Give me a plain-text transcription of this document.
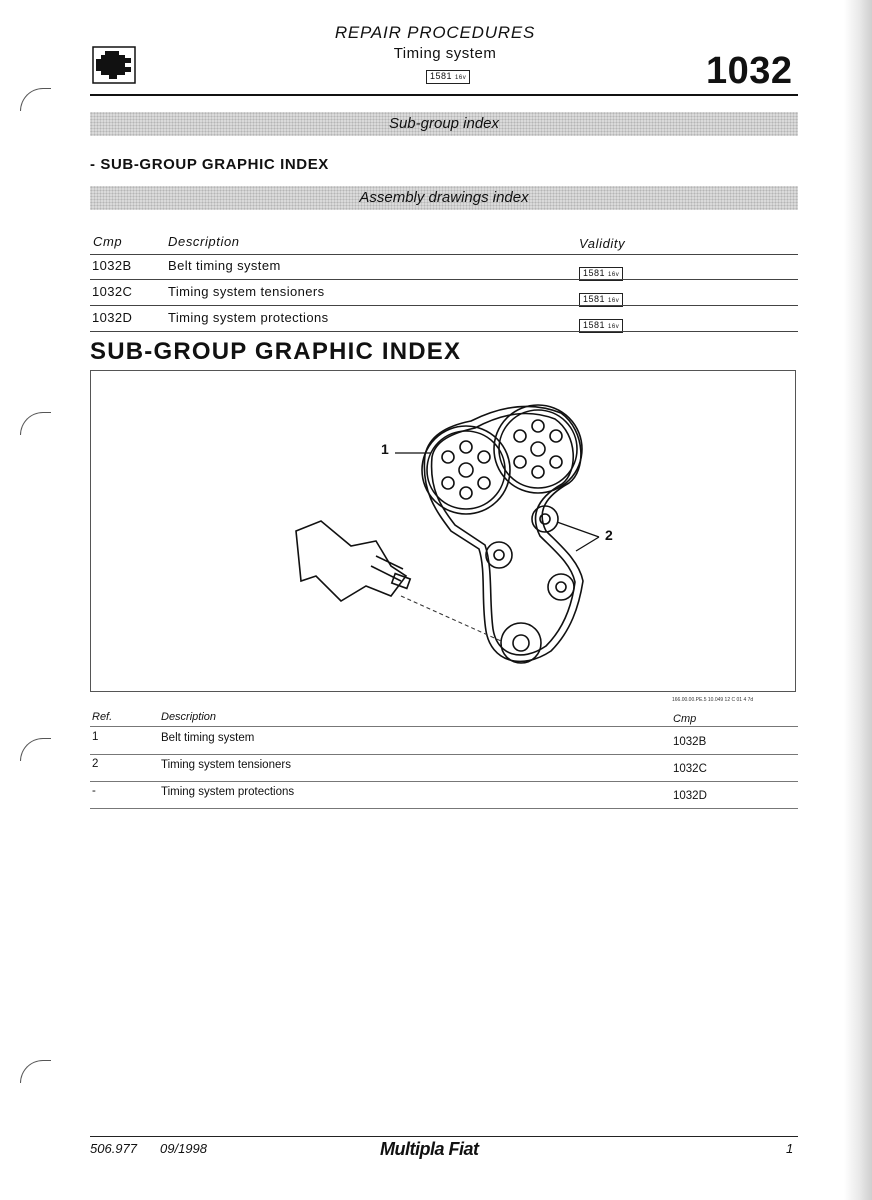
REPAIR PROCEDURES
Timing system
1581 16v	1032
Sub-group index
- SUB-GROUP GRAPHIC INDEX
Assembly drawings index
Cmp	Description	Validity
1032B	Belt timing system	1581 16v
1032C	Timing system tensioners	1581 16v
1032D	Timing system protections	1581 16v
SUB-GROUP GRAPHIC INDEX
1
2
166.00.00.PE.5 10.049 12 C 01 4 7d
Ref.	Description	Cmp
1	Belt timing system	1032B
2	Timing system tensioners	1032C
-	Timing system protections	1032D
506.977 09/1998	Multipla Fiat	1
